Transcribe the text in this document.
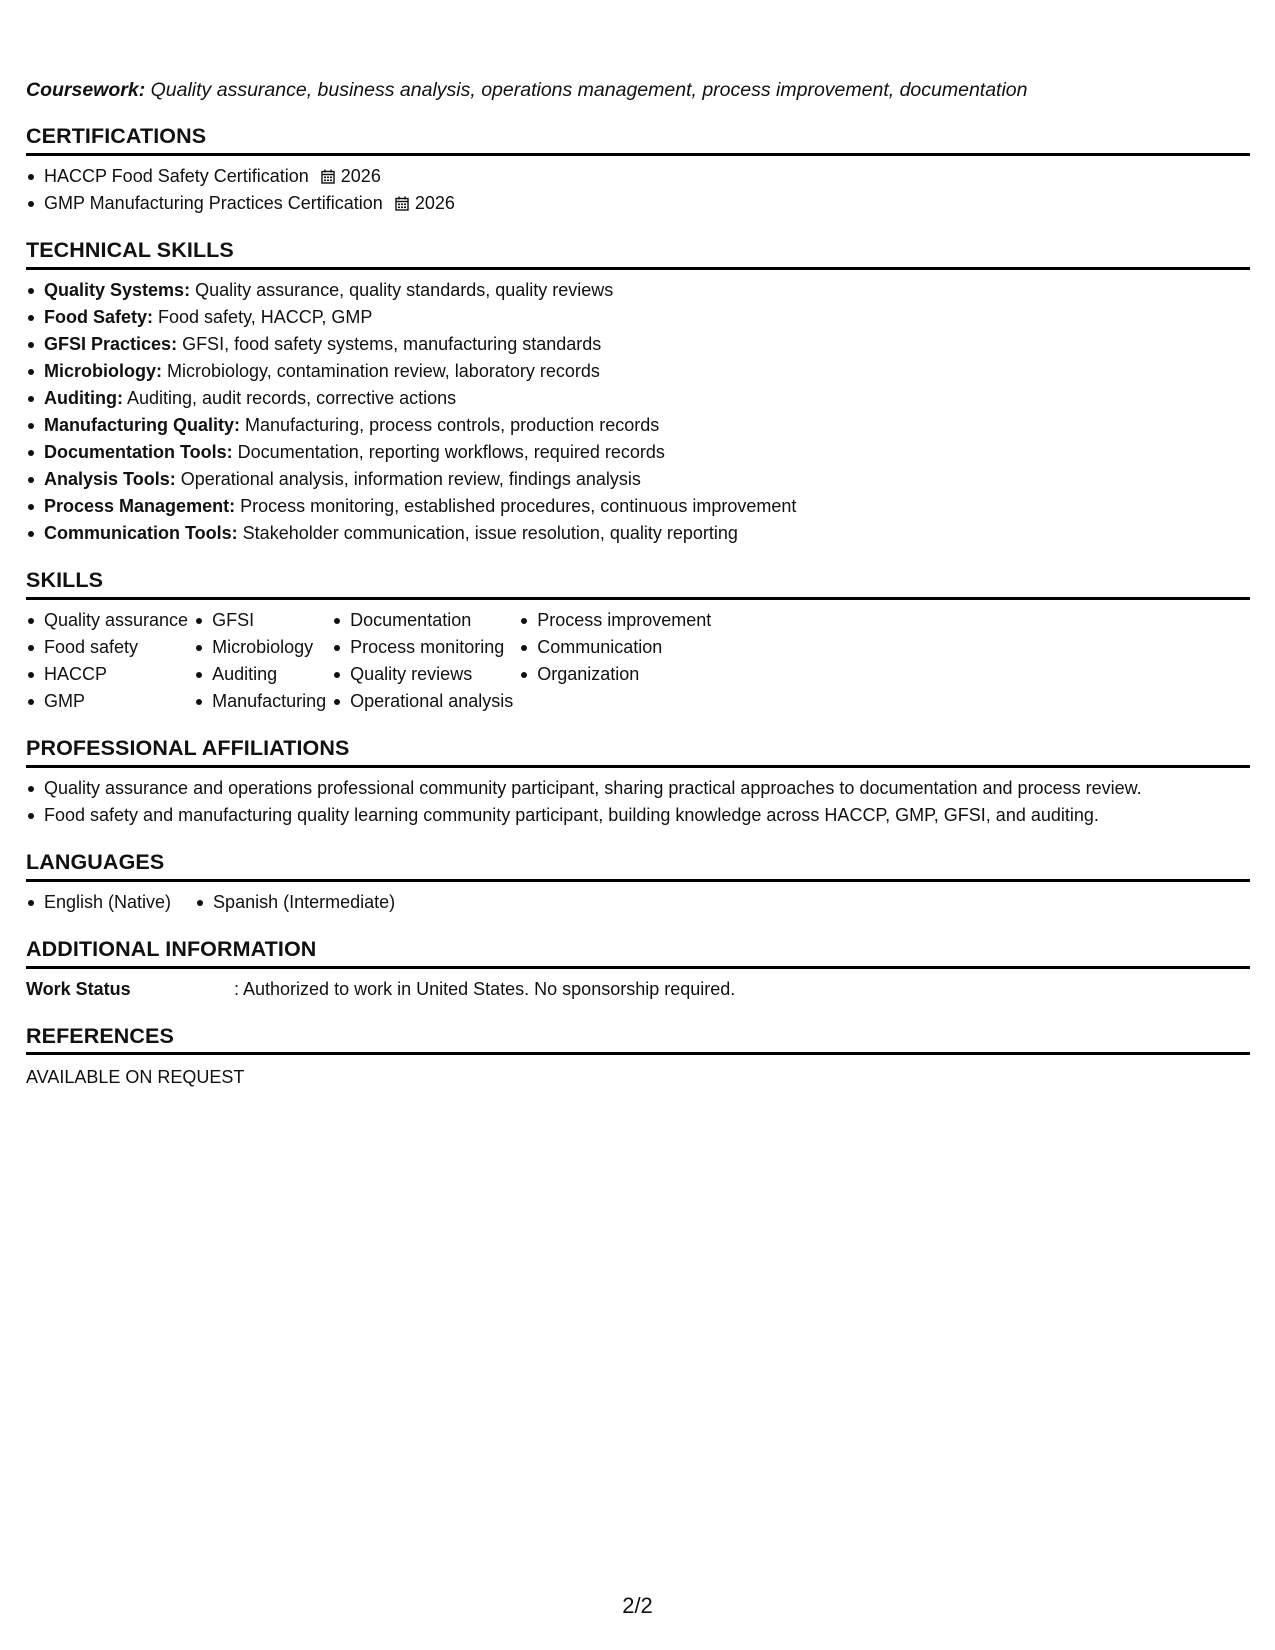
Coursework: Quality assurance, business analysis, operations management, process improvement, documentation

CERTIFICATIONS
HACCP Food Safety Certification 2026
GMP Manufacturing Practices Certification 2026
TECHNICAL SKILLS
Quality Systems: Quality assurance, quality standards, quality reviews
Food Safety: Food safety, HACCP, GMP
GFSI Practices: GFSI, food safety systems, manufacturing standards
Microbiology: Microbiology, contamination review, laboratory records
Auditing: Auditing, audit records, corrective actions
Manufacturing Quality: Manufacturing, process controls, production records
Documentation Tools: Documentation, reporting workflows, required records
Analysis Tools: Operational analysis, information review, findings analysis
Process Management: Process monitoring, established procedures, continuous improvement
Communication Tools: Stakeholder communication, issue resolution, quality reporting
SKILLS
Quality assurance
Food safety
HACCP
GMP
GFSI
Microbiology
Auditing
Manufacturing
Documentation
Process monitoring
Quality reviews
Operational analysis
Process improvement
Communication
Organization
PROFESSIONAL AFFILIATIONS
Quality assurance and operations professional community participant, sharing practical approaches to documentation and process review.
Food safety and manufacturing quality learning community participant, building knowledge across HACCP, GMP, GFSI, and auditing.
LANGUAGES
English (Native) Spanish (Intermediate)
ADDITIONAL INFORMATION
Work Status	: Authorized to work in United States. No sponsorship required.
REFERENCES
AVAILABLE ON REQUEST
2/2
